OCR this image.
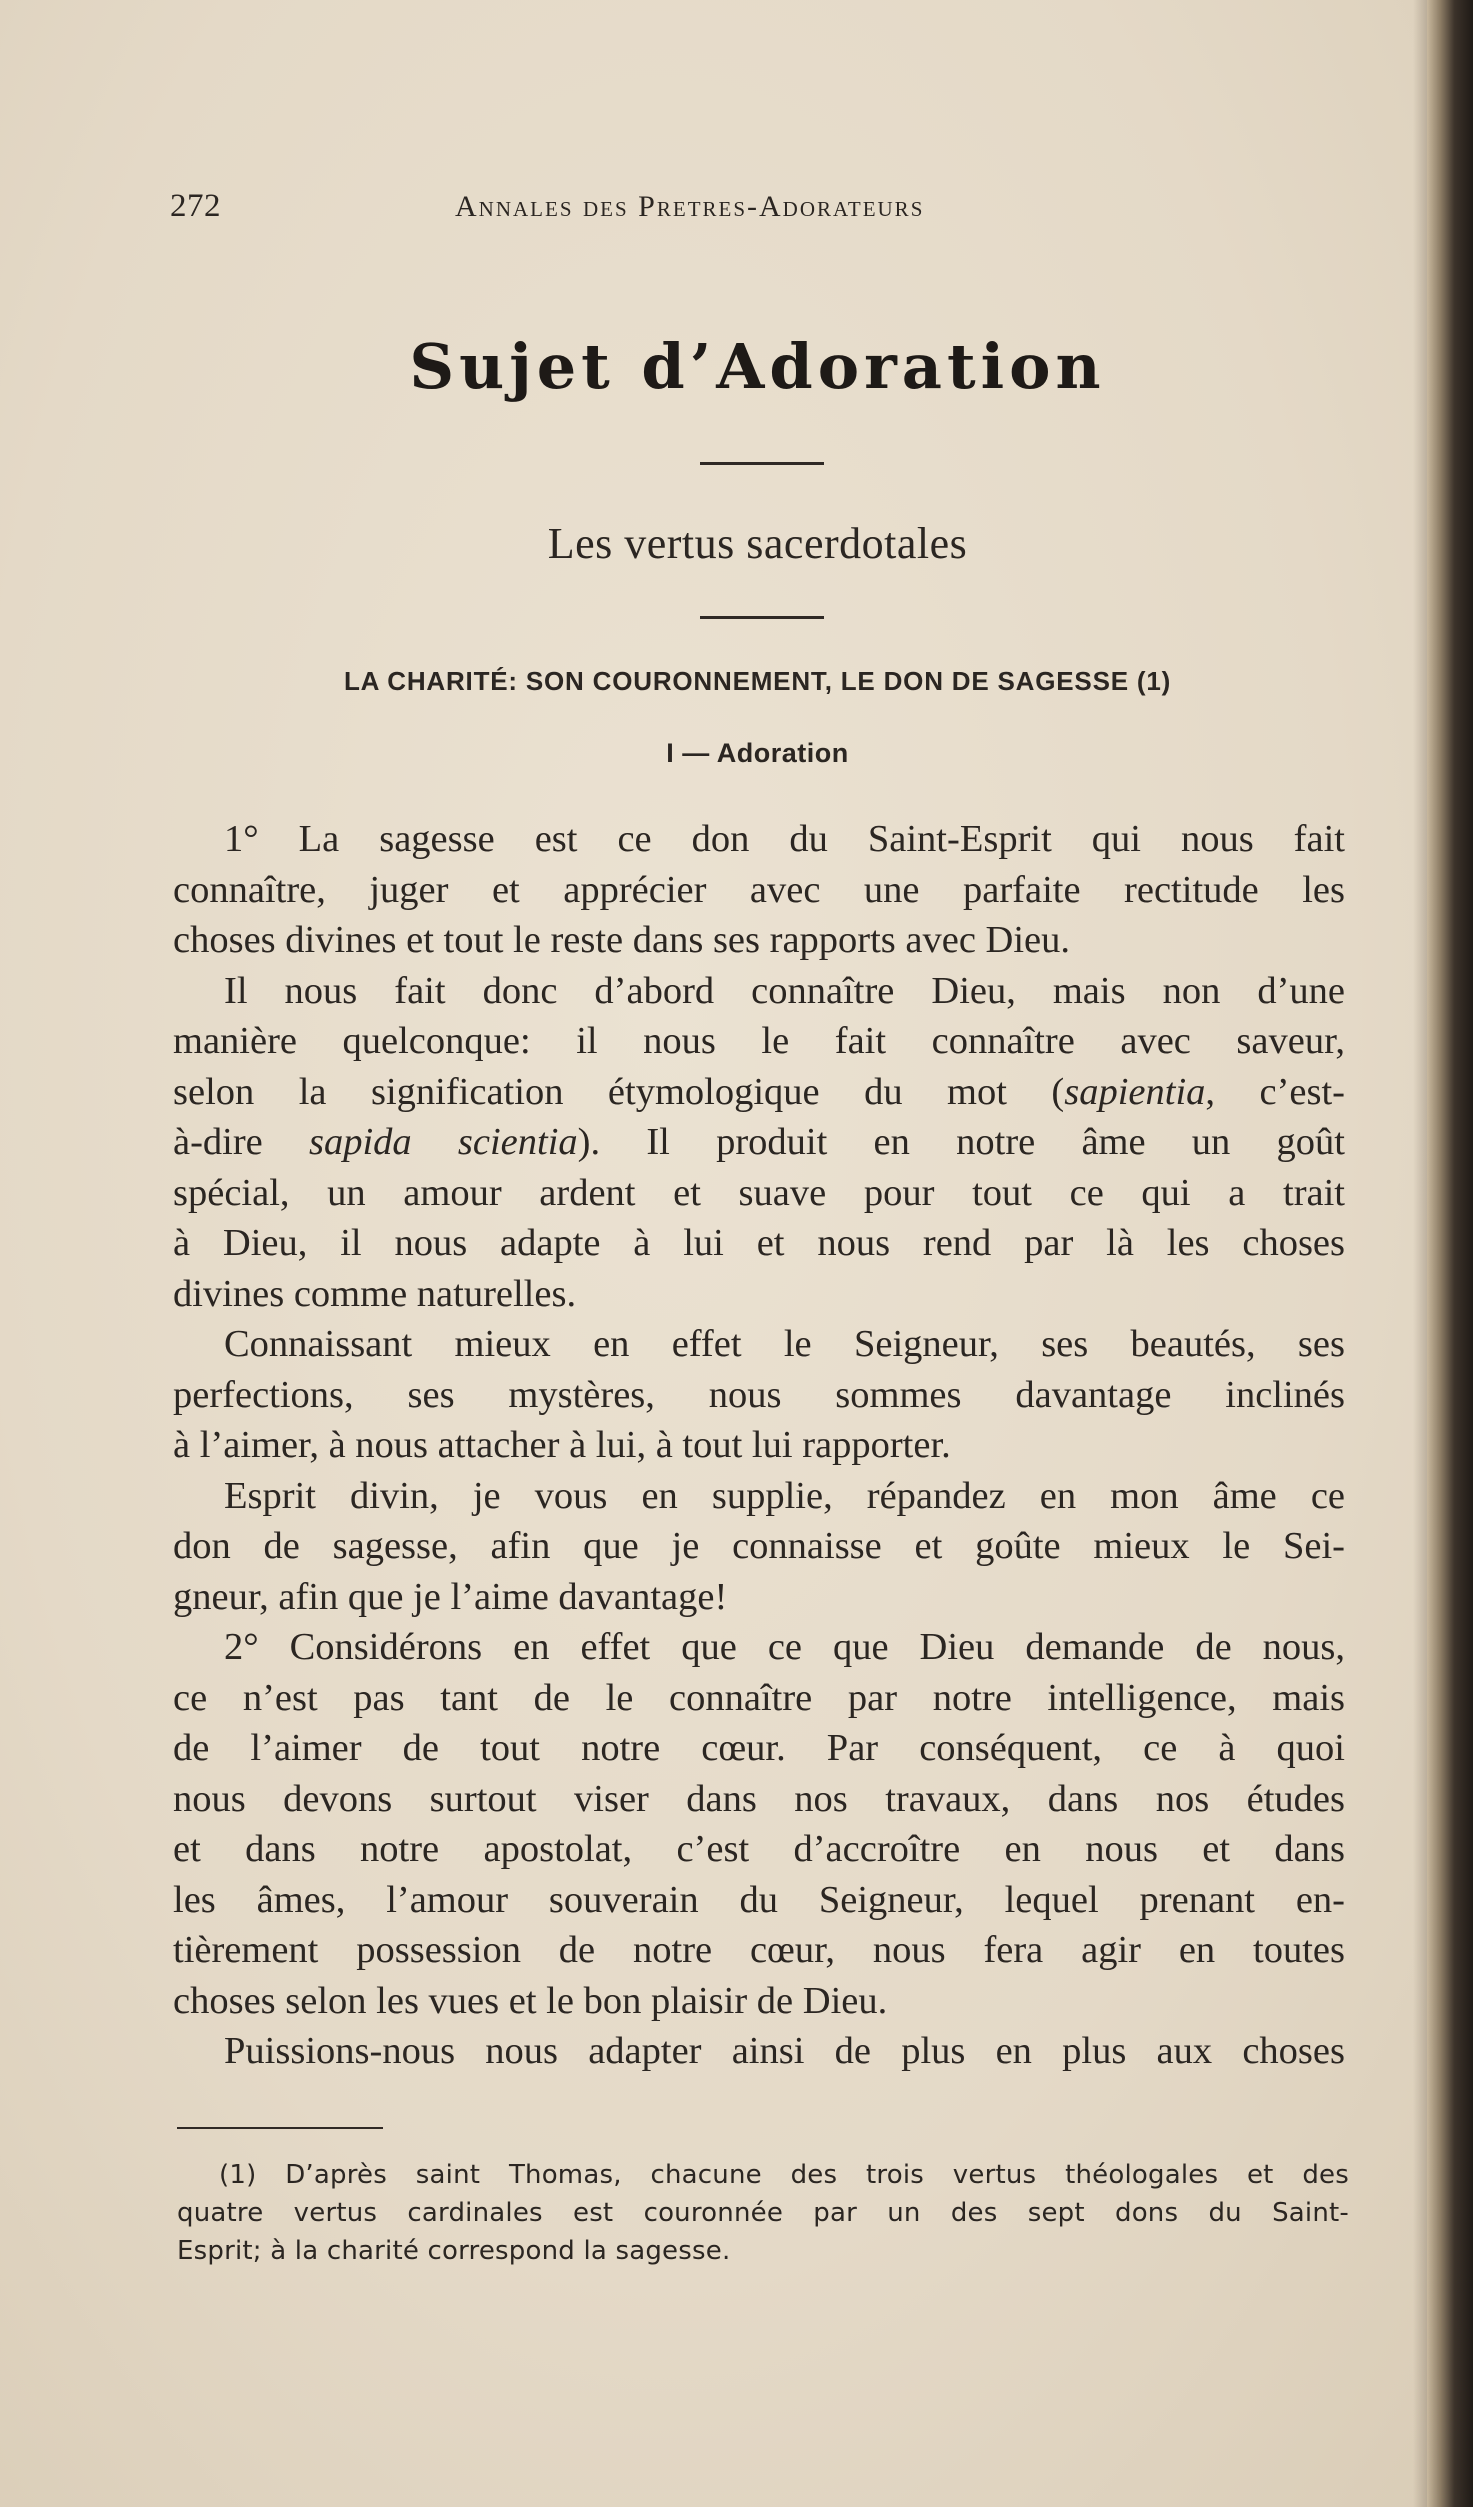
272	Annales des Pretres-Adorateurs
Sujet d’Adoration
Les vertus sacerdotales
LA CHARITÉ: SON COURONNEMENT, LE DON DE SAGESSE (1)
I — Adoration
1° La sagesse est ce don du Saint-Esprit qui nous fait
connaître, juger et apprécier avec une parfaite rectitude les
choses divines et tout le reste dans ses rapports avec Dieu.
Il nous fait donc d’abord connaître Dieu, mais non d’une
manière quelconque: il nous le fait connaître avec saveur,
selon la signification étymologique du mot (sapientia, c’est-
à-dire sapida scientia). Il produit en notre âme un goût
spécial, un amour ardent et suave pour tout ce qui a trait
à Dieu, il nous adapte à lui et nous rend par là les choses
divines comme naturelles.
Connaissant mieux en effet le Seigneur, ses beautés, ses
perfections, ses mystères, nous sommes davantage inclinés
à l’aimer, à nous attacher à lui, à tout lui rapporter.
Esprit divin, je vous en supplie, répandez en mon âme ce
don de sagesse, afin que je connaisse et goûte mieux le Sei-
gneur, afin que je l’aime davantage!
2° Considérons en effet que ce que Dieu demande de nous,
ce n’est pas tant de le connaître par notre intelligence, mais
de l’aimer de tout notre cœur. Par conséquent, ce à quoi
nous devons surtout viser dans nos travaux, dans nos études
et dans notre apostolat, c’est d’accroître en nous et dans
les âmes, l’amour souverain du Seigneur, lequel prenant en-
tièrement possession de notre cœur, nous fera agir en toutes
choses selon les vues et le bon plaisir de Dieu.
Puissions-nous nous adapter ainsi de plus en plus aux choses
(1) D’après saint Thomas, chacune des trois vertus théologales et des
quatre vertus cardinales est couronnée par un des sept dons du Saint-
Esprit; à la charité correspond la sagesse.
